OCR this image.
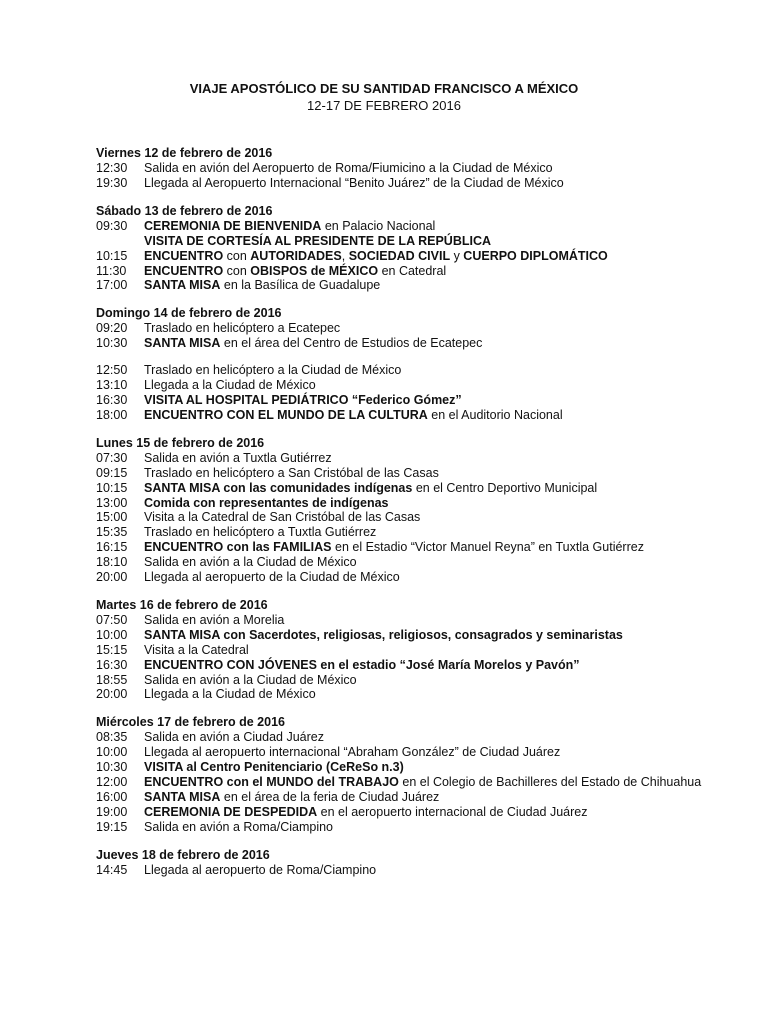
VIAJE APOSTÓLICO DE SU SANTIDAD FRANCISCO A MÉXICO
12-17 DE FEBRERO 2016
Viernes 12 de febrero de 2016
12:30	Salida en avión del Aeropuerto de Roma/Fiumicino a la Ciudad de México
19:30	Llegada al Aeropuerto Internacional “Benito Juárez” de la Ciudad de México
Sábado 13 de febrero de 2016
09:30	CEREMONIA DE BIENVENIDA en Palacio Nacional
VISITA DE CORTESÍA AL PRESIDENTE DE LA REPÚBLICA
10:15	ENCUENTRO con AUTORIDADES, SOCIEDAD CIVIL y CUERPO DIPLOMÁTICO
11:30	ENCUENTRO con OBISPOS de MÉXICO en Catedral
17:00	SANTA MISA en la Basílica de Guadalupe
Domingo 14 de febrero de 2016
09:20	Traslado en helicóptero a Ecatepec
10:30	SANTA MISA en el área del Centro de Estudios de Ecatepec
12:50	Traslado en helicóptero a la Ciudad de México
13:10	Llegada a la Ciudad de México
16:30	VISITA AL HOSPITAL PEDIÁTRICO “Federico Gómez”
18:00	ENCUENTRO CON EL MUNDO DE LA CULTURA en el Auditorio Nacional
Lunes 15 de febrero de 2016
07:30	Salida en avión a Tuxtla Gutiérrez
09:15	Traslado en helicóptero a San Cristóbal de las Casas
10:15	SANTA MISA con las comunidades indígenas en el Centro Deportivo Municipal
13:00	Comida con representantes de indígenas
15:00	Visita a la Catedral de San Cristóbal de las Casas
15:35	Traslado en helicóptero a Tuxtla Gutiérrez
16:15	ENCUENTRO con las FAMILIAS en el Estadio “Victor Manuel Reyna” en Tuxtla Gutiérrez
18:10	Salida en avión a la Ciudad de México
20:00	Llegada al aeropuerto de la Ciudad de México
Martes 16 de febrero de 2016
07:50	Salida en avión a Morelia
10:00	SANTA MISA con Sacerdotes, religiosas, religiosos, consagrados y seminaristas
15:15	Visita a la Catedral
16:30	ENCUENTRO CON JÓVENES en el estadio “José María Morelos y Pavón”
18:55	Salida en avión a la Ciudad de México
20:00	Llegada a la Ciudad de México
Miércoles 17 de febrero de 2016
08:35	Salida en avión a Ciudad Juárez
10:00	Llegada al aeropuerto internacional “Abraham González” de Ciudad Juárez
10:30	VISITA al Centro Penitenciario (CeReSo n.3)
12:00	ENCUENTRO con el MUNDO del TRABAJO en el Colegio de Bachilleres del Estado de Chihuahua
16:00	SANTA MISA en el área de la feria de Ciudad Juárez
19:00	CEREMONIA DE DESPEDIDA en el aeropuerto internacional de Ciudad Juárez
19:15	Salida en avión a Roma/Ciampino
Jueves 18 de febrero de 2016
14:45	Llegada al aeropuerto de Roma/Ciampino
